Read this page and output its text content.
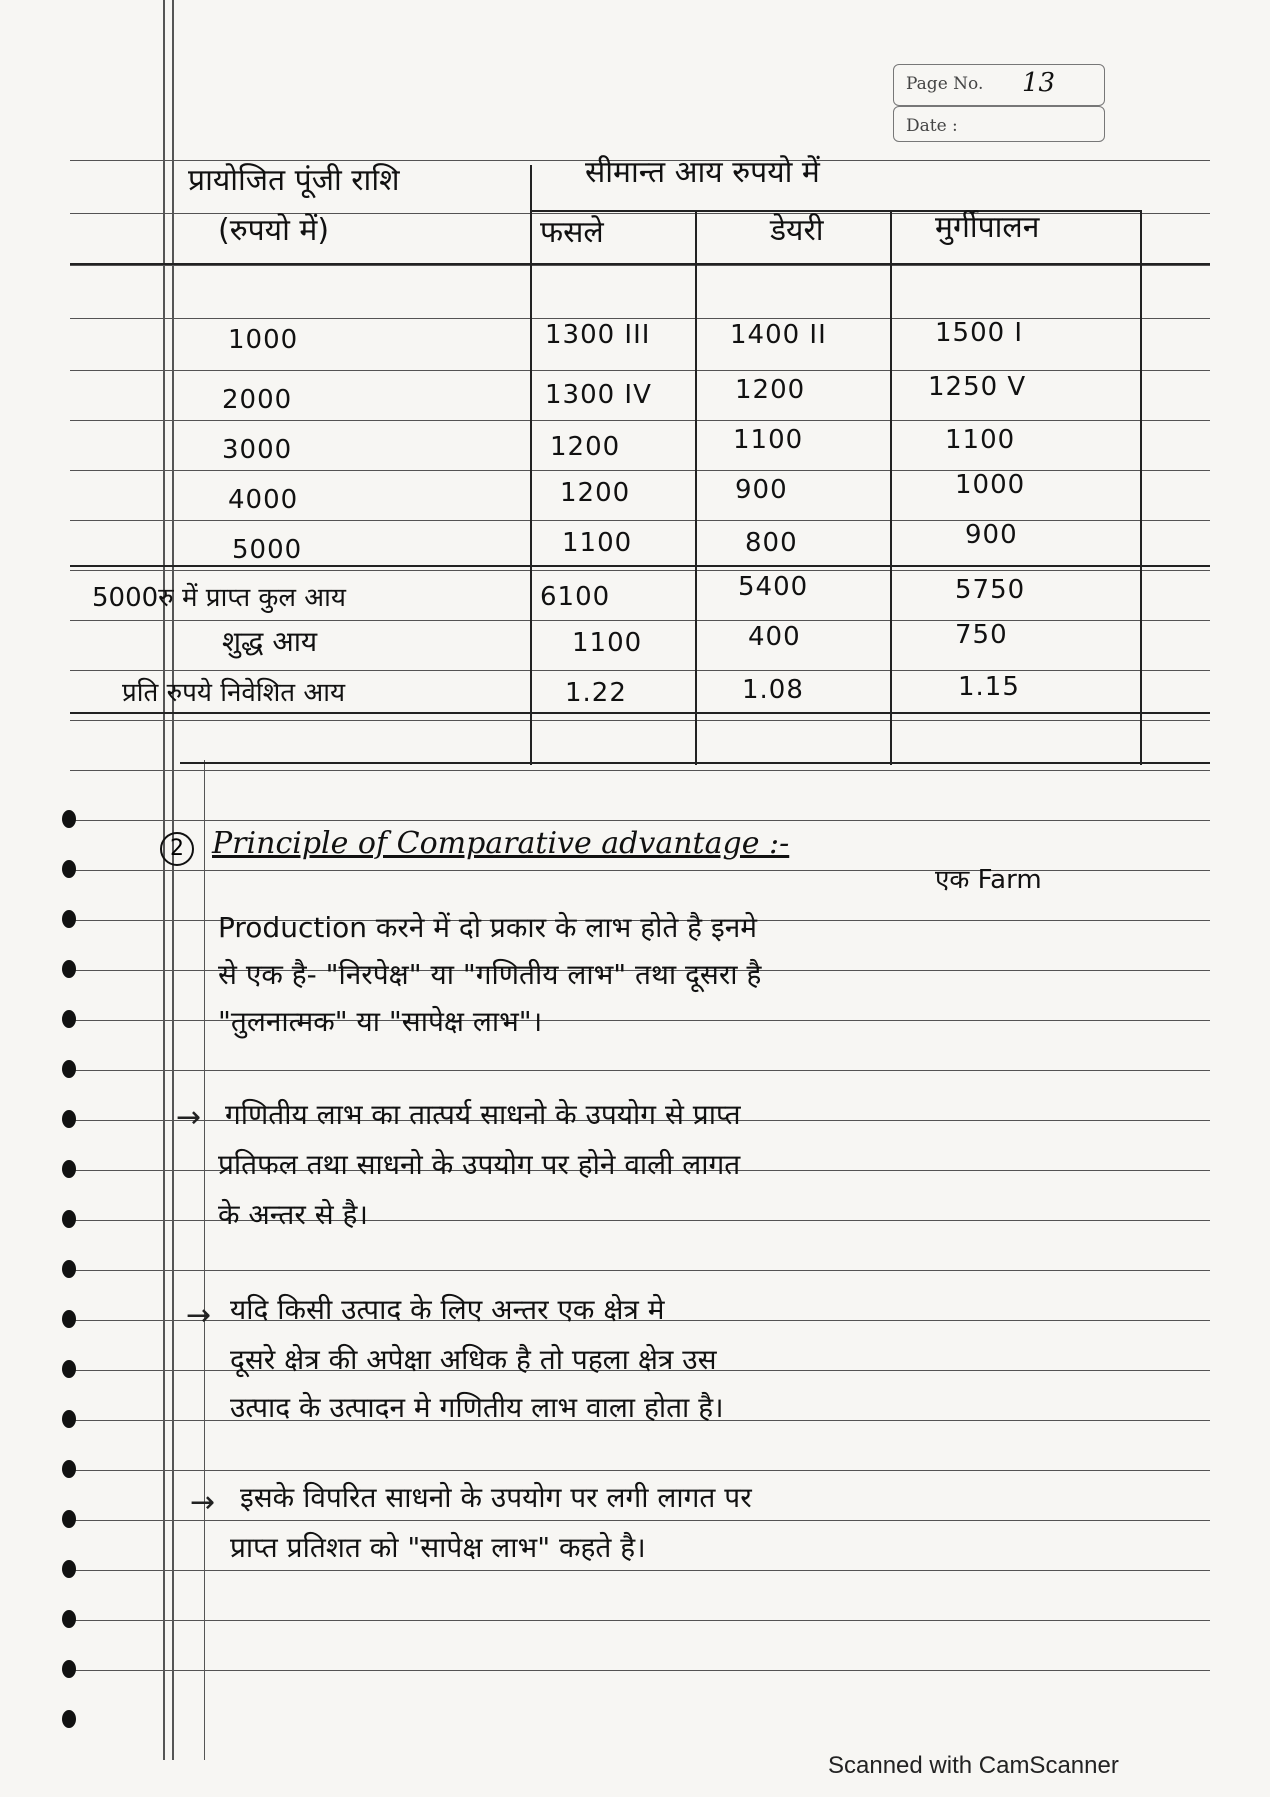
Page No. 13
Date :
प्रायोजित पूंजी राशि
(रुपयो में)
सीमान्त आय रुपयो में
फसले	डेयरी	मुर्गीपालन
1000	1300 III	1400 II	1500 I
2000	1300 IV	1200	1250 V
3000	1200	1100	1100
4000	1200	900	1000
5000	1100	800	900
5000रु में प्राप्त कुल आय	6100	5400	5750
शुद्ध आय	1100	400	750
प्रति रुपये निवेशित आय	1.22	1.08	1.15
2 Principle of Comparative advantage :-
एक Farm
Production करने में दो प्रकार के लाभ होते है इनमे
से एक है- "निरपेक्ष" या "गणितीय लाभ" तथा दूसरा है
"तुलनात्मक" या "सापेक्ष लाभ"।
→ गणितीय लाभ का तात्पर्य साधनो के उपयोग से प्राप्त
प्रतिफल तथा साधनो के उपयोग पर होने वाली लागत
के अन्तर से है।
→ यदि किसी उत्पाद के लिए अन्तर एक क्षेत्र मे
दूसरे क्षेत्र की अपेक्षा अधिक है तो पहला क्षेत्र उस
उत्पाद के उत्पादन मे गणितीय लाभ वाला होता है।
→ इसके विपरित साधनो के उपयोग पर लगी लागत पर
प्राप्त प्रतिशत को "सापेक्ष लाभ" कहते है।
Scanned with CamScanner
